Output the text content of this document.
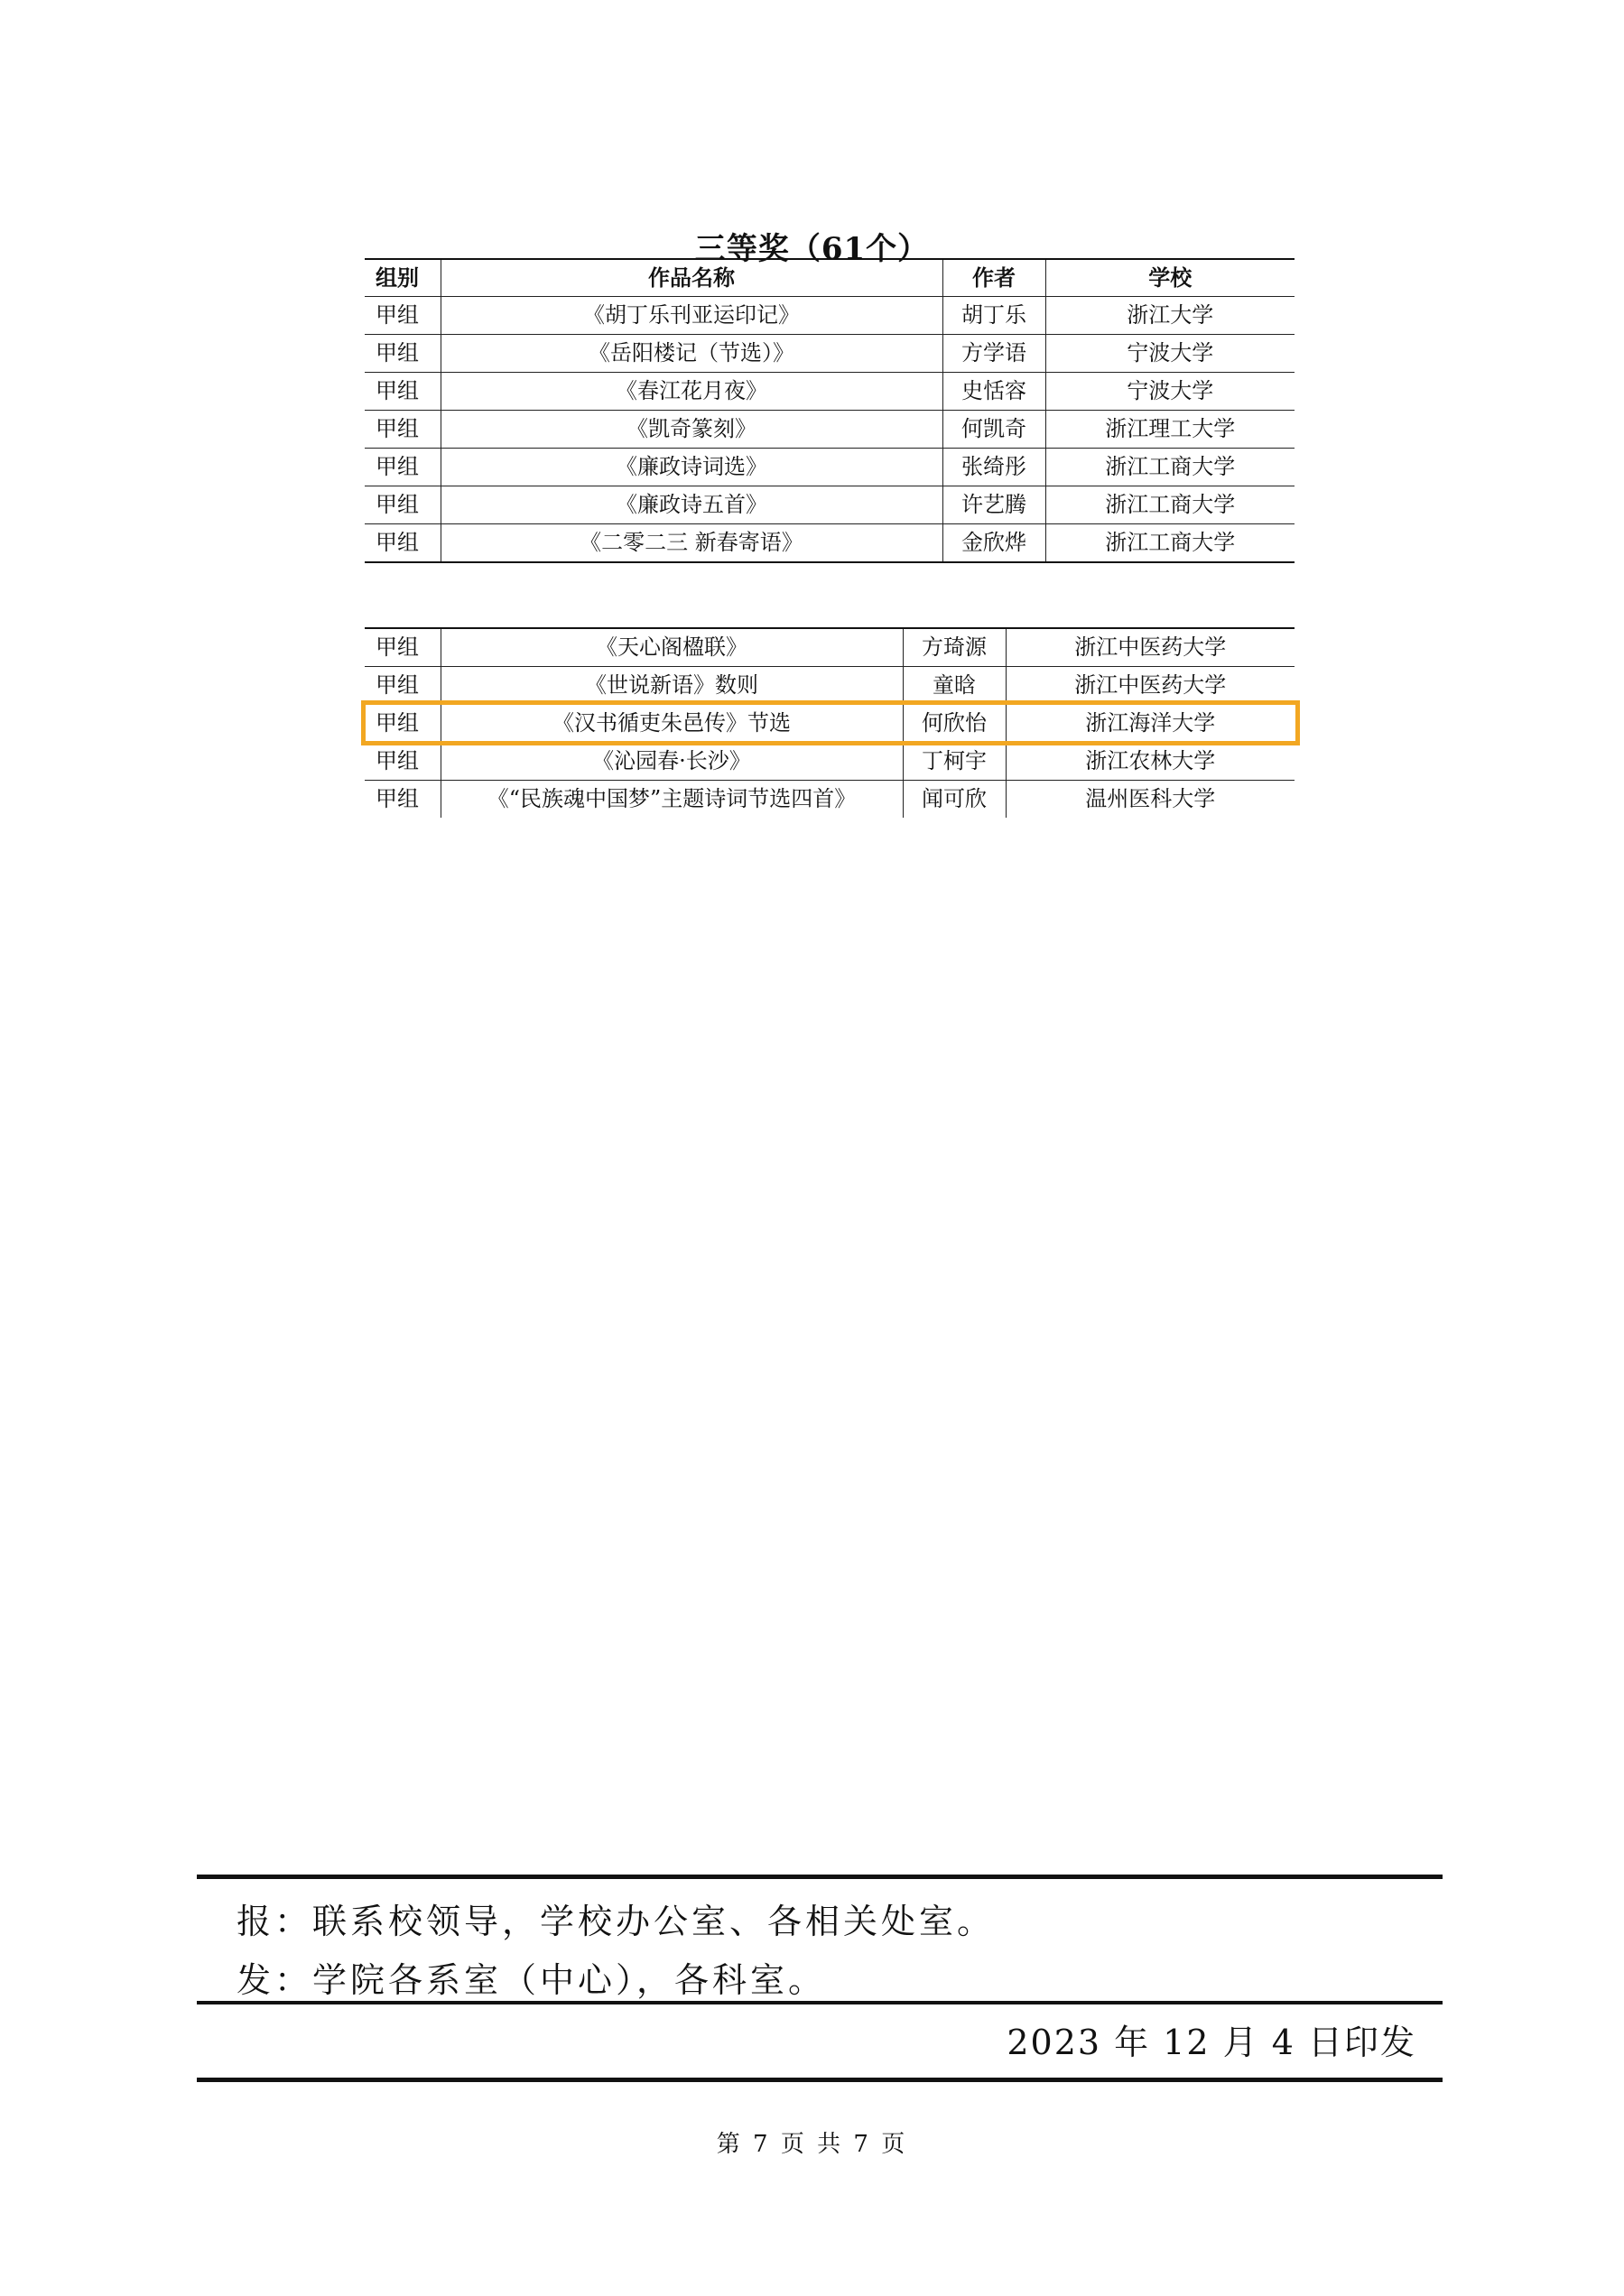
三等奖（61个）
组别	作品名称	作者	学校
甲组	《胡丁乐刊亚运印记》	胡丁乐	浙江大学
甲组	《岳阳楼记（节选）》	方学语	宁波大学
甲组	《春江花月夜》	史恬容	宁波大学
甲组	《凯奇篆刻》	何凯奇	浙江理工大学
甲组	《廉政诗词选》	张绮彤	浙江工商大学
甲组	《廉政诗五首》	许艺腾	浙江工商大学
甲组	《二零二三 新春寄语》	金欣烨	浙江工商大学
甲组	《天心阁楹联》	方琦源	浙江中医药大学
甲组	《世说新语》数则	童晗	浙江中医药大学
甲组	《汉书循吏朱邑传》节选	何欣怡	浙江海洋大学
甲组	《沁园春·长沙》	丁柯宇	浙江农林大学
甲组	《“民族魂中国梦”主题诗词节选四首》	闻可欣	温州医科大学
报：联系校领导，学校办公室、各相关处室。
发：学院各系室（中心），各科室。
2023 年 12 月 4 日印发
第 7 页 共 7 页
